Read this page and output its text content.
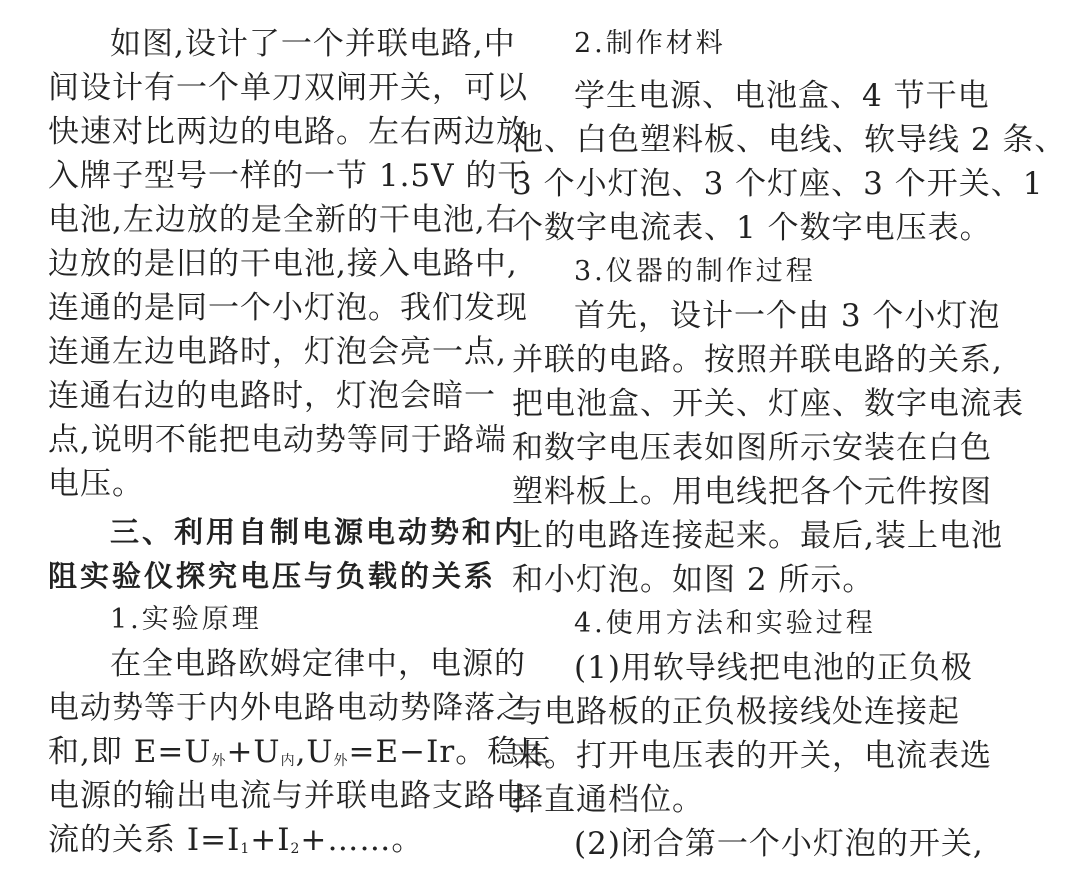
如图,设计了一个并联电路,中
间设计有一个单刀双闸开关，可以
快速对比两边的电路。左右两边放
入牌子型号一样的一节 1.5V 的干
电池,左边放的是全新的干电池,右
边放的是旧的干电池,接入电路中,
连通的是同一个小灯泡。我们发现
连通左边电路时，灯泡会亮一点,
连通右边的电路时，灯泡会暗一
点,说明不能把电动势等同于路端
电压。
三、利用自制电源电动势和内
阻实验仪探究电压与负载的关系
1.实验原理
在全电路欧姆定律中，电源的
电动势等于内外电路电动势降落之
和,即 $E=U_外+U_内,U_外=E-Ir$。稳压
电源的输出电流与并联电路支路电
流的关系 $I=I_1+I_2+\dots\dots$。
2.制作材料
学生电源、电池盒、4 节干电
池、白色塑料板、电线、软导线 2 条、
3 个小灯泡、3 个灯座、3 个开关、1
个数字电流表、1 个数字电压表。
3.仪器的制作过程
首先，设计一个由 3 个小灯泡
并联的电路。按照并联电路的关系,
把电池盒、开关、灯座、数字电流表
和数字电压表如图所示安装在白色
塑料板上。用电线把各个元件按图
上的电路连接起来。最后,装上电池
和小灯泡。如图 2 所示。
4.使用方法和实验过程
(1)用软导线把电池的正负极
与电路板的正负极接线处连接起
来。打开电压表的开关，电流表选
择直通档位。
(2)闭合第一个小灯泡的开关,
